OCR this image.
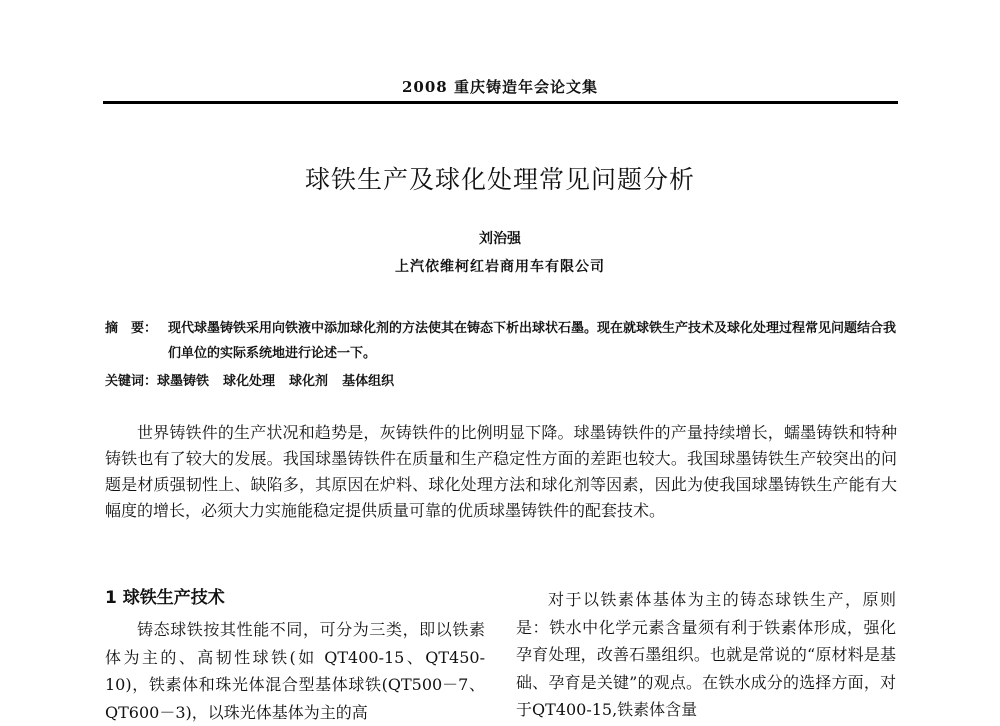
2008 重庆铸造年会论文集
球铁生产及球化处理常见问题分析
刘治强
上汽依维柯红岩商用车有限公司
摘　要： 现代球墨铸铁采用向铁液中添加球化剂的方法使其在铸态下析出球状石墨。现在就球铁生产技术及球化处理过程常见问题结合我们单位的实际系统地进行论述一下。
关键词：球墨铸铁 球化处理 球化剂 基体组织

世界铸铁件的生产状况和趋势是，灰铸铁件的比例明显下降。球墨铸铁件的产量持续增长，蠕墨铸铁和特种铸铁也有了较大的发展。我国球墨铸铁件在质量和生产稳定性方面的差距也较大。我国球墨铸铁生产较突出的问题是材质强韧性上、缺陷多，其原因在炉料、球化处理方法和球化剂等因素，因此为使我国球墨铸铁生产能有大幅度的增长，必须大力实施能稳定提供质量可靠的优质球墨铸铁件的配套技术。

1 球铁生产技术

铸态球铁按其性能不同，可分为三类，即以铁素体为主的、高韧性球铁(如 QT400-15、QT450-10)，铁素体和珠光体混合型基体球铁(QT500－7、QT600－3)，以珠光体基体为主的高

对于以铁素体基体为主的铸态球铁生产，原则是：铁水中化学元素含量须有利于铁素体形成，强化孕育处理，改善石墨组织。也就是常说的“原材料是基础、孕育是关键”的观点。在铁水成分的选择方面，对于QT400-15,铁素体含量
